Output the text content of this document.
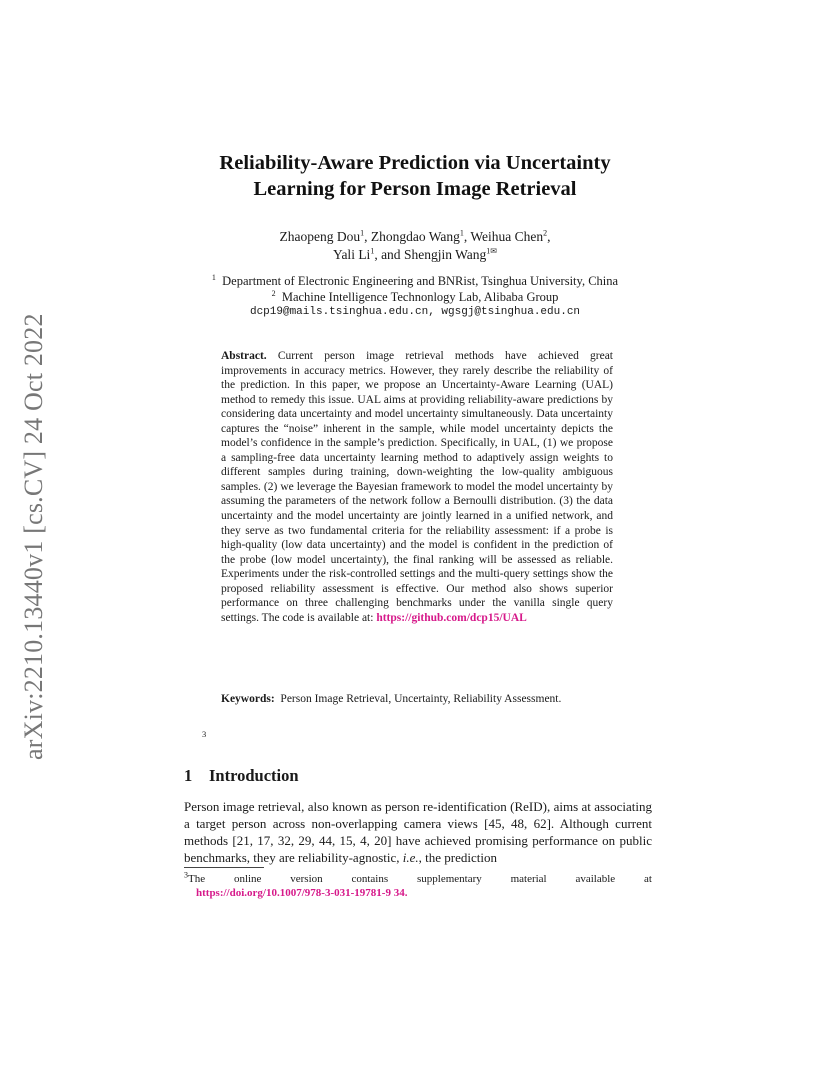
arXiv:2210.13440v1 [cs.CV] 24 Oct 2022
Reliability-Aware Prediction via Uncertainty
Learning for Person Image Retrieval
Zhaopeng Dou$^1$, Zhongdao Wang$^1$, Weihua Chen$^2$,
Yali Li$^1$, and Shengjin Wang$^{1✉}$
$^1$ Department of Electronic Engineering and BNRist, Tsinghua University, China
$^2$ Machine Intelligence Technonlogy Lab, Alibaba Group
dcp19@mails.tsinghua.edu.cn, wgsgj@tsinghua.edu.cn
Abstract. Current person image retrieval methods have achieved great improvements in accuracy metrics. However, they rarely describe the reliability of the prediction. In this paper, we propose an Uncertainty-Aware Learning (UAL) method to remedy this issue. UAL aims at providing reliability-aware predictions by considering data uncertainty and model uncertainty simultaneously. Data uncertainty captures the “noise” inherent in the sample, while model uncertainty depicts the model’s confidence in the sample’s prediction. Specifically, in UAL, (1) we propose a sampling-free data uncertainty learning method to adaptively assign weights to different samples during training, down-weighting the low-quality ambiguous samples. (2) we leverage the Bayesian framework to model the model uncertainty by assuming the parameters of the network follow a Bernoulli distribution. (3) the data uncertainty and the model uncertainty are jointly learned in a unified network, and they serve as two fundamental criteria for the reliability assessment: if a probe is high-quality (low data uncertainty) and the model is confident in the prediction of the probe (low model uncertainty), the final ranking will be assessed as reliable. Experiments under the risk-controlled settings and the multi-query settings show the proposed reliability assessment is effective. Our method also shows superior performance on three challenging benchmarks under the vanilla single query settings. The code is available at: https://github.com/dcp15/UAL
Keywords: Person Image Retrieval, Uncertainty, Reliability Assessment.
3
1 Introduction
Person image retrieval, also known as person re-identification (ReID), aims at associating a target person across non-overlapping camera views [45, 48, 62]. Although current methods [21, 17, 32, 29, 44, 15, 4, 20] have achieved promising performance on public benchmarks, they are reliability-agnostic, i.e., the prediction
$^3$The	online	version	contains	supplementary	material	available	at
https://doi.org/10.1007/978-3-031-19781-9 34.
